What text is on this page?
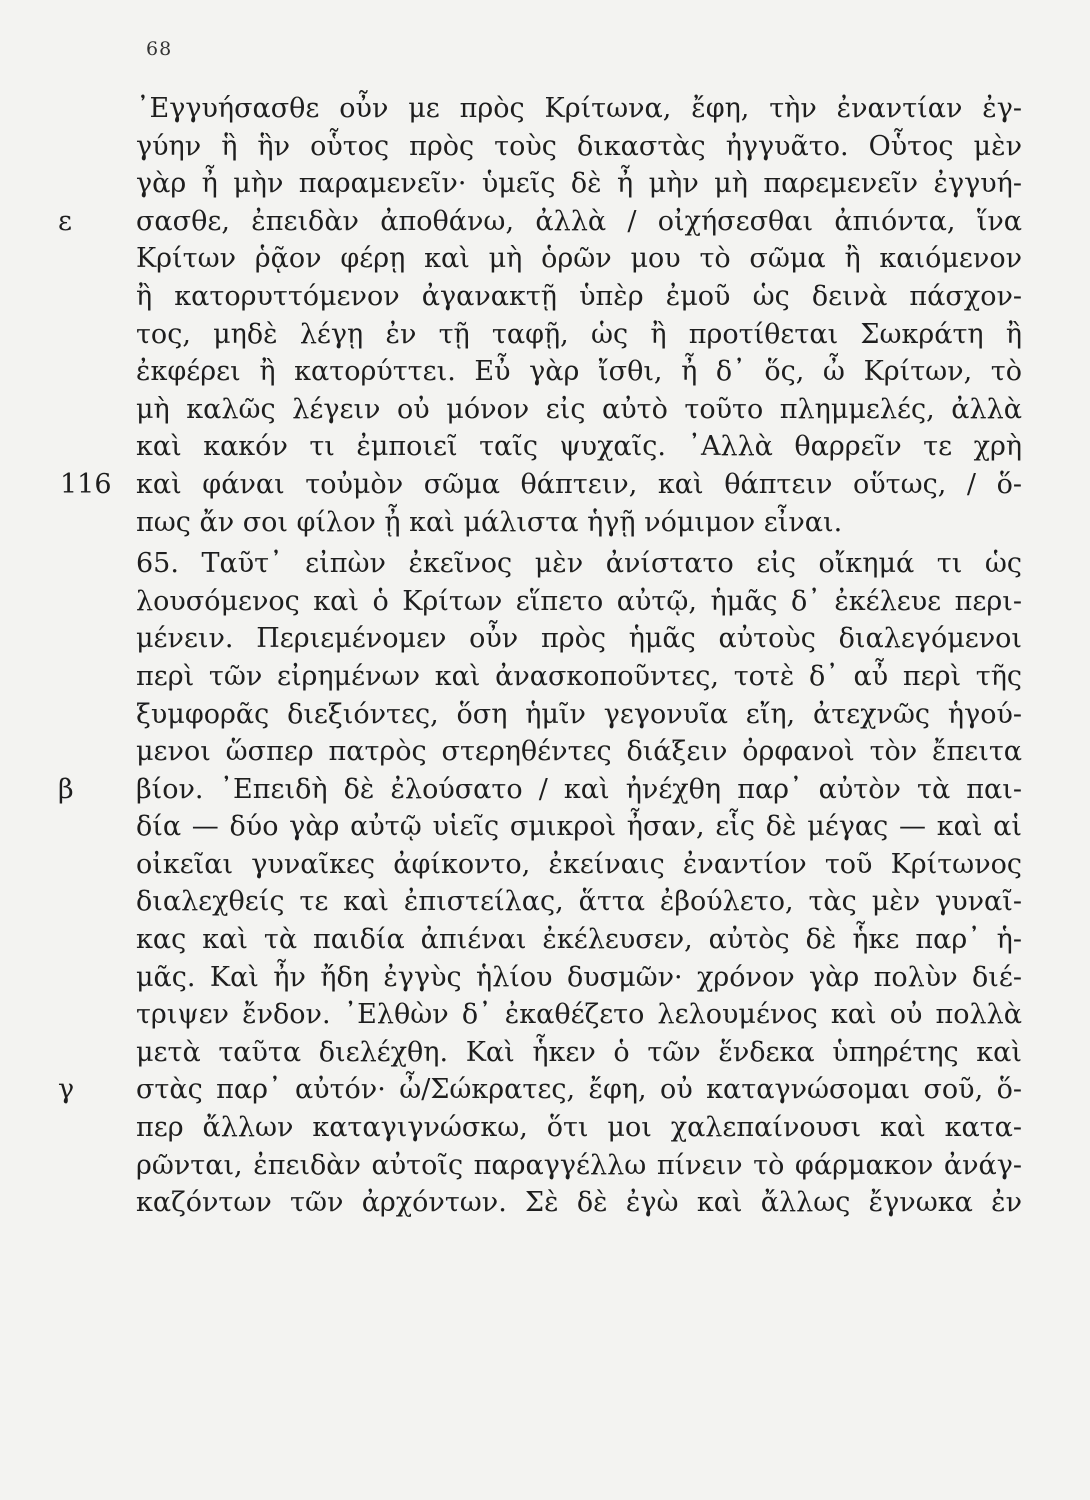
68
᾿Εγγυήσασθε οὖν με πρὸς Κρίτωνα, ἔφη, τὴν ἐναντίαν ἐγ-
γύην ἣ ἣν οὗτος πρὸς τοὺς δικαστὰς ἠγγυᾶτο. Οὗτος μὲν
γὰρ ἦ μὴν παραμενεῖν· ὑμεῖς δὲ ἦ μὴν μὴ παρεμενεῖν ἐγγυή-
ε	σασθε, ἐπειδὰν ἀποθάνω, ἀλλὰ / οἰχήσεσθαι ἀπιόντα, ἵνα
Κρίτων ῥᾷον φέρῃ καὶ μὴ ὁρῶν μου τὸ σῶμα ἢ καιόμενον
ἢ κατορυττόμενον ἀγανακτῇ ὑπὲρ ἐμοῦ ὡς δεινὰ πάσχον-
τος, μηδὲ λέγῃ ἐν τῇ ταφῇ, ὡς ἢ προτίθεται Σωκράτη ἢ
ἐκφέρει ἢ κατορύττει. Εὖ γὰρ ἴσθι, ἦ δ᾿ ὅς, ὦ Κρίτων, τὸ
μὴ καλῶς λέγειν οὐ μόνον εἰς αὐτὸ τοῦτο πλημμελές, ἀλλὰ
καὶ κακόν τι ἐμποιεῖ ταῖς ψυχαῖς. ᾿Αλλὰ θαρρεῖν τε χρὴ
116 καὶ φάναι τοὐμὸν σῶμα θάπτειν, καὶ θάπτειν οὕτως, / ὅ-
πως ἄν σοι φίλον ᾖ καὶ μάλιστα ἡγῇ νόμιμον εἶναι.
65. Ταῦτ᾿ εἰπὼν ἐκεῖνος μὲν ἀνίστατο εἰς οἴκημά τι ὡς
λουσόμενος καὶ ὁ Κρίτων εἵπετο αὐτῷ, ἡμᾶς δ᾿ ἐκέλευε περι-
μένειν. Περιεμένομεν οὖν πρὸς ἡμᾶς αὐτοὺς διαλεγόμενοι
περὶ τῶν εἰρημένων καὶ ἀνασκοποῦντες, τοτὲ δ᾿ αὖ περὶ τῆς
ξυμφορᾶς διεξιόντες, ὅση ἡμῖν γεγονυῖα εἴη, ἀτεχνῶς ἡγού-
μενοι ὥσπερ πατρὸς στερηθέντες διάξειν ὀρφανοὶ τὸν ἔπειτα
β	βίον. ᾿Επειδὴ δὲ ἐλούσατο / καὶ ἠνέχθη παρ᾿ αὐτὸν τὰ παι-
δία — δύο γὰρ αὐτῷ υἱεῖς σμικροὶ ἦσαν, εἷς δὲ μέγας — καὶ αἱ
οἰκεῖαι γυναῖκες ἀφίκοντο, ἐκείναις ἐναντίον τοῦ Κρίτωνος
διαλεχθείς τε καὶ ἐπιστείλας, ἅττα ἐβούλετο, τὰς μὲν γυναῖ-
κας καὶ τὰ παιδία ἀπιέναι ἐκέλευσεν, αὐτὸς δὲ ἧκε παρ᾿ ἡ-
μᾶς. Καὶ ἦν ἤδη ἐγγὺς ἡλίου δυσμῶν· χρόνον γὰρ πολὺν διέ-
τριψεν ἔνδον. ᾿Ελθὼν δ᾿ ἐκαθέζετο λελουμένος καὶ οὐ πολλὰ
μετὰ ταῦτα διελέχθη. Καὶ ἧκεν ὁ τῶν ἕνδεκα ὑπηρέτης καὶ
γ	στὰς παρ᾿ αὐτόν· ὦ/Σώκρατες, ἔφη, οὐ καταγνώσομαι σοῦ, ὅ-
περ ἄλλων καταγιγνώσκω, ὅτι μοι χαλεπαίνουσι καὶ κατα-
ρῶνται, ἐπειδὰν αὐτοῖς παραγγέλλω πίνειν τὸ φάρμακον ἀνάγ-
καζόντων τῶν ἀρχόντων. Σὲ δὲ ἐγὼ καὶ ἄλλως ἔγνωκα ἐν
